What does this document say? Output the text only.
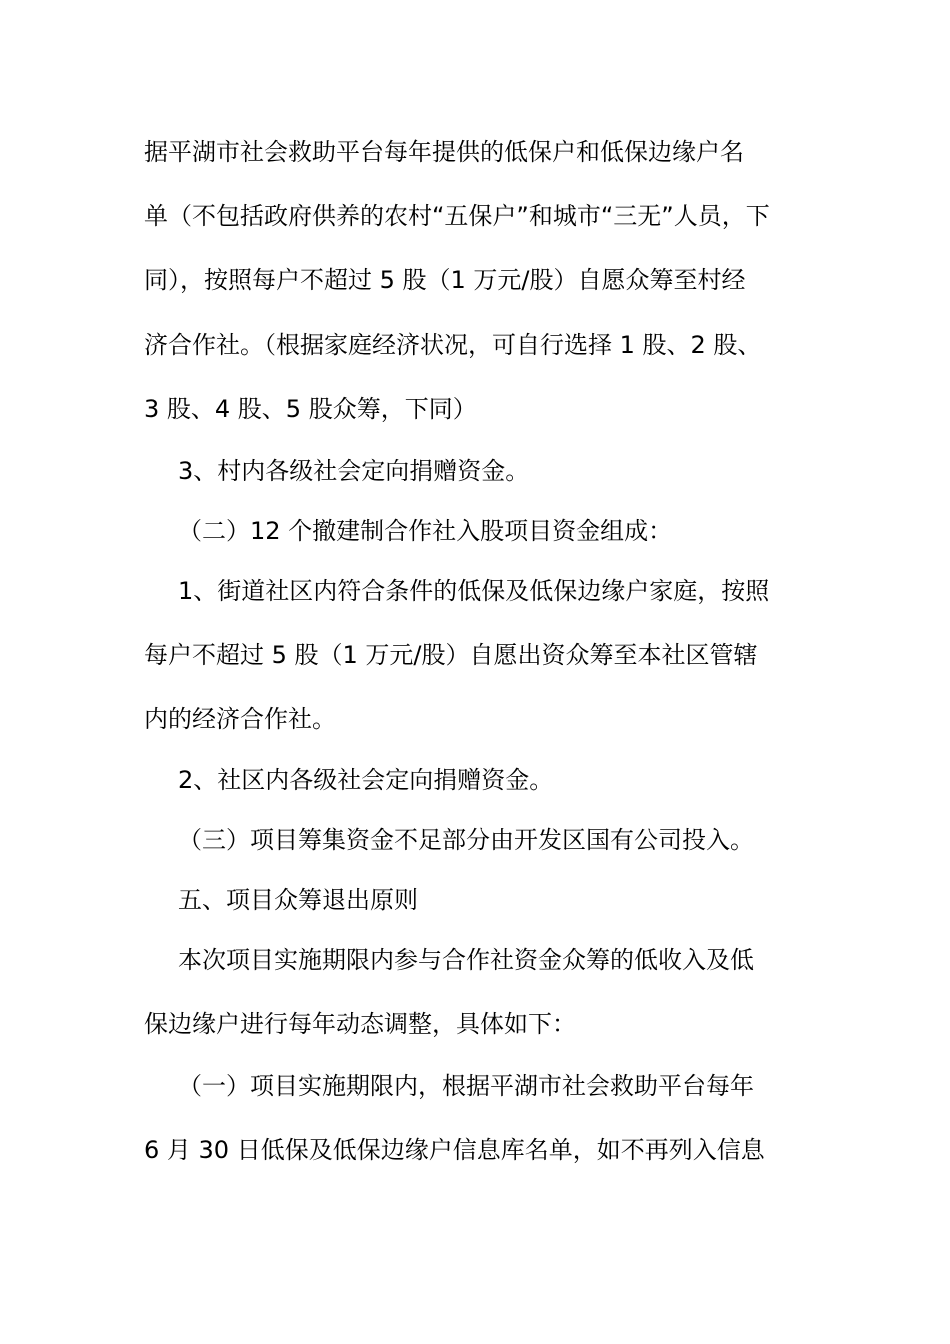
据平湖市社会救助平台每年提供的低保户和低保边缘户名
单（不包括政府供养的农村“五保户”和城市“三无”人员，下
同），按照每户不超过 5 股（1 万元/股）自愿众筹至村经
济合作社。（根据家庭经济状况，可自行选择 1 股、2 股、
3 股、4 股、5 股众筹，下同）
3、村内各级社会定向捐赠资金。
（二）12 个撤建制合作社入股项目资金组成：
1、街道社区内符合条件的低保及低保边缘户家庭，按照
每户不超过 5 股（1 万元/股）自愿出资众筹至本社区管辖
内的经济合作社。
2、社区内各级社会定向捐赠资金。
（三）项目筹集资金不足部分由开发区国有公司投入。
五、项目众筹退出原则
本次项目实施期限内参与合作社资金众筹的低收入及低
保边缘户进行每年动态调整，具体如下：
（一）项目实施期限内，根据平湖市社会救助平台每年
6 月 30 日低保及低保边缘户信息库名单，如不再列入信息
